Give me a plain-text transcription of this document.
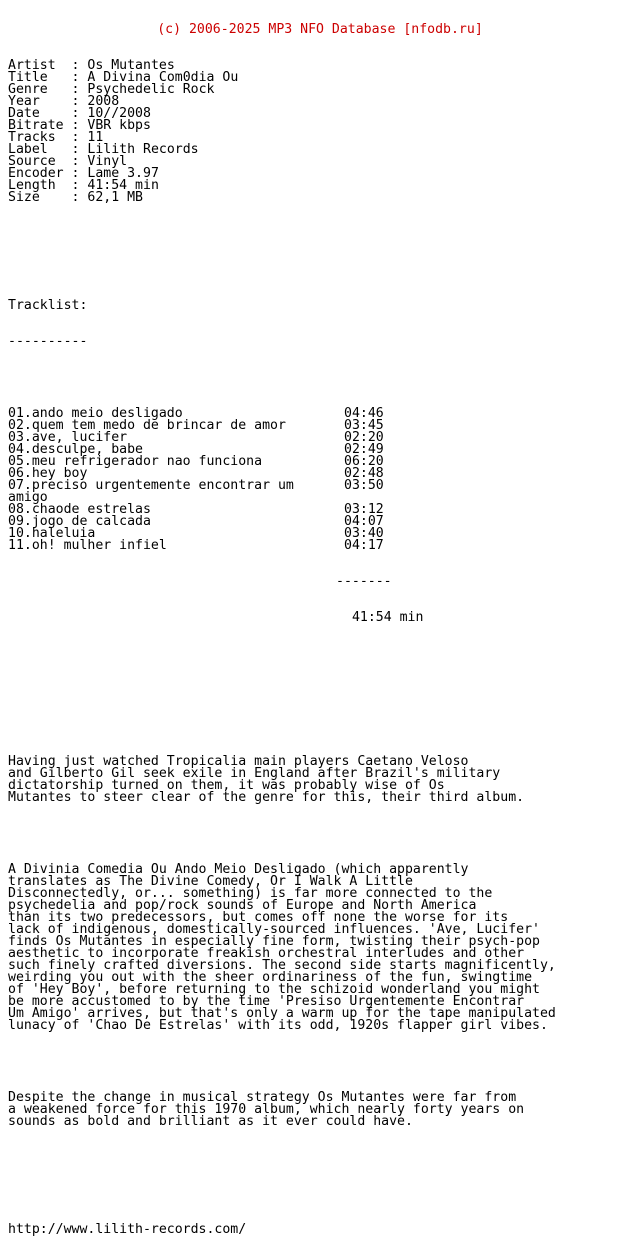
(c) 2006-2025 MP3 NFO Database [nfodb.ru]

Artist  : Os Mutantes
Title   : A Divina Com0dia Ou
Genre   : Psychedelic Rock
Year    : 2008
Date    : 10//2008
Bitrate : VBR kbps
Tracks  : 11
Label   : Lilith Records
Source  : Vinyl
Encoder : Lame 3.97
Length  : 41:54 min
Size    : 62,1 MB

Tracklist:

----------

01.ando meio desligado	04:46
02.quem tem medo de brincar de amor	03:45
03.ave, lucifer	02:20
04.desculpe, babe	02:49
05.meu refrigerador nao funciona	06:20
06.hey boy	02:48
07.preciso urgentemente encontrar um	03:50
amigo
08.chaode estrelas	03:12
09.jogo de calcada	04:07
10.haleluia	03:40
11.oh! mulher infiel	04:17

-------

41:54 min

Having just watched Tropicalia main players Caetano Veloso
and Gilberto Gil seek exile in England after Brazil's military
dictatorship turned on them, it was probably wise of Os
Mutantes to steer clear of the genre for this, their third album.

A Divinia Comedia Ou Ando Meio Desligado (which apparently
translates as The Divine Comedy, Or I Walk A Little
Disconnectedly, or... something) is far more connected to the
psychedelia and pop/rock sounds of Europe and North America
than its two predecessors, but comes off none the worse for its
lack of indigenous, domestically-sourced influences. 'Ave, Lucifer'
finds Os Mutantes in especially fine form, twisting their psych-pop
aesthetic to incorporate freakish orchestral interludes and other
such finely crafted diversions. The second side starts magnificently,
weirding you out with the sheer ordinariness of the fun, swingtime
of 'Hey Boy', before returning to the schizoid wonderland you might
be more accustomed to by the time 'Presiso Urgentemente Encontrar
Um Amigo' arrives, but that's only a warm up for the tape manipulated
lunacy of 'Chao De Estrelas' with its odd, 1920s flapper girl vibes.

Despite the change in musical strategy Os Mutantes were far from
a weakened force for this 1970 album, which nearly forty years on
sounds as bold and brilliant as it ever could have.

http://www.lilith-records.com/
